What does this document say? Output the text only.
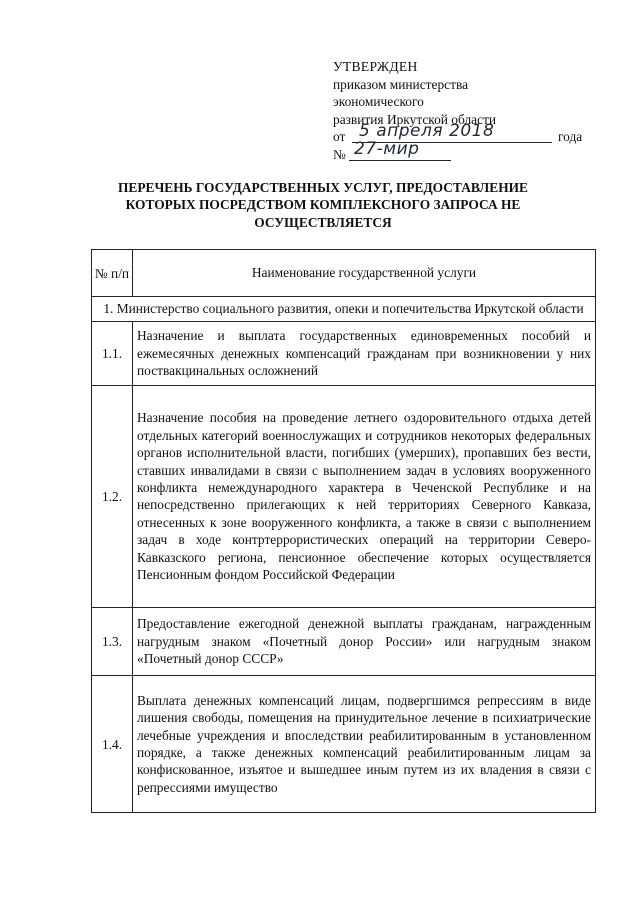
УТВЕРЖДЕН
приказом министерства
экономического
развития Иркутской области
от 5 апреля 2018	года
№ 27-мир
ПЕРЕЧЕНЬ ГОСУДАРСТВЕННЫХ УСЛУГ, ПРЕДОСТАВЛЕНИЕ КОТОРЫХ ПОСРЕДСТВОМ КОМПЛЕКСНОГО ЗАПРОСА НЕ ОСУЩЕСТВЛЯЕТСЯ
№ п/п	Наименование государственной услуги
1. Министерство социального развития, опеки и попечительства Иркутской области	
1.1.	Назначение и выплата государственных единовременных пособий и ежемесячных денежных компенсаций гражданам при возникновении у них поствакцинальных осложнений
1.2.	Назначение пособия на проведение летнего оздоровительного отдыха детей отдельных категорий военнослужащих и сотрудников некоторых федеральных органов исполнительной власти, погибших (умерших), пропавших без вести, ставших инвалидами в связи с выполнением задач в условиях вооруженного конфликта немеждународного характера в Чеченской Республике и на непосредственно прилегающих к ней территориях Северного Кавказа, отнесенных к зоне вооруженного конфликта, а также в связи с выполнением задач в ходе контртеррористических операций на территории Северо-Кавказского региона, пенсионное обеспечение которых осуществляется Пенсионным фондом Российской Федерации
1.3.	Предоставление ежегодной денежной выплаты гражданам, награжденным нагрудным знаком «Почетный донор России» или нагрудным знаком «Почетный донор СССР»
1.4.	Выплата денежных компенсаций лицам, подвергшимся репрессиям в виде лишения свободы, помещения на принудительное лечение в психиатрические лечебные учреждения и впоследствии реабилитированным в установленном порядке, а также денежных компенсаций реабилитированным лицам за конфискованное, изъятое и вышедшее иным путем из их владения в связи с репрессиями имущество
